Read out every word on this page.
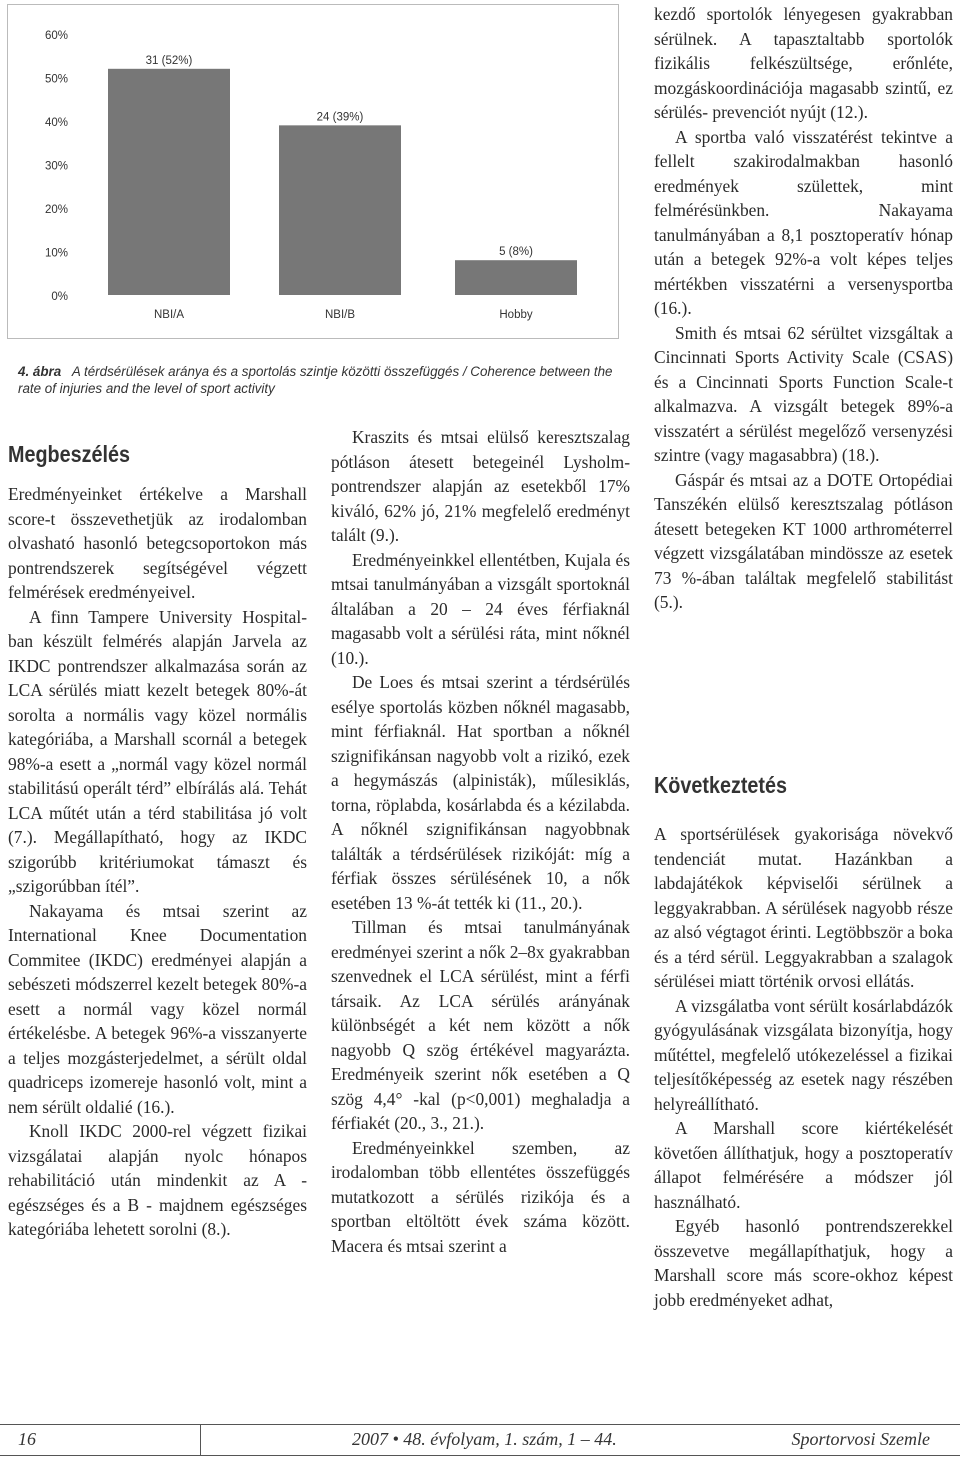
0%
10%
20%
30%
40%
50%
60%
31 (52%)
NBI/A
24 (39%)
NBI/B
5 (8%)
Hobby
4. ábra A térdsérülések aránya és a sportolás szintje közötti összefüggés / Coherence between the rate of injuries and the level of sport activity
Megbeszélés

Eredményeinket értékelve a Marshall score-t összevethetjük az irodalomban olvasható hasonló betegcsoportokon más pontrendszerek segítségével végzett felmérések eredményeivel.

A finn Tampere University Hospital-ban készült felmérés alapján Jarvela az IKDC pontrendszer alkalmazása során az LCA sérülés miatt kezelt betegek 80%-át sorolta a normális vagy közel normális kategóriába, a Marshall scornál a betegek 98%-a esett a „normál vagy közel normál stabilitású operált térd” elbírálás alá. Tehát LCA műtét után a térd stabilitása jó volt (7.). Megállapítható, hogy az IKDC szigorúbb kritériumokat támaszt és „szigorúbban ítél”.

Nakayama és mtsai szerint az International Knee Documentation Commitee (IKDC) eredményei alapján a sebészeti módszerrel kezelt betegek 80%-a esett a normál vagy közel normál értékelésbe. A betegek 96%-a visszanyerte a teljes mozgásterjedelmet, a sérült oldal quadriceps izomereje hasonló volt, mint a nem sérült oldalié (16.).

Knoll IKDC 2000-rel végzett fizikai vizsgálatai alapján nyolc hónapos rehabilitáció után mindenkit az A - egészséges és a B - majdnem egészséges kategóriába lehetett sorolni (8.).

Kraszits és mtsai elülső keresztszalag pótláson átesett betegeinél Lysholm-pontrendszer alapján az esetekből 17% kiváló, 62% jó, 21% megfelelő eredményt talált (9.).

Eredményeinkkel ellentétben, Kujala és mtsai tanulmányában a vizsgált sportoknál általában a 20 – 24 éves férfiaknál magasabb volt a sérülési ráta, mint nőknél (10.).

De Loes és mtsai szerint a térdsérülés esélye sportolás közben nőknél magasabb, mint férfiaknál. Hat sportban a nőknél szignifikánsan nagyobb volt a rizikó, ezek a hegymászás (alpinisták), műlesiklás, torna, röplabda, kosárlabda és a kézilabda. A nőknél szignifikánsan nagyobbnak találták a térdsérülések rizikóját: míg a férfiak összes sérülésének 10, a nők esetében 13 %-át tették ki (11., 20.).

Tillman és mtsai tanulmányának eredményei szerint a nők 2–8x gyakrabban szenvednek el LCA sérülést, mint a férfi társaik. Az LCA sérülés arányának különbségét a két nem között a nők nagyobb Q szög értékével magyarázta. Eredményeik szerint nők esetében a Q szög 4,4° -kal (p<0,001) meghaladja a férfiakét (20., 3., 21.).

Eredményeinkkel szemben, az irodalomban több ellentétes összefüggés mutatkozott a sérülés rizikója és a sportban eltöltött évek száma között. Macera és mtsai szerint a

kezdő sportolók lényegesen gyakrabban sérülnek. A tapasztaltabb sportolók fizikális felkészültsége, erőnléte, mozgáskoordinációja magasabb szintű, ez sérülés- prevenciót nyújt (12.).

A sportba való visszatérést tekintve a fellelt szakirodalmakban hasonló eredmények születtek, mint felmérésünkben. Nakayama tanulmányában a 8,1 posztoperatív hónap után a betegek 92%-a volt képes teljes mértékben visszatérni a versenysportba (16.).

Smith és mtsai 62 sérültet vizsgáltak a Cincinnati Sports Activity Scale (CSAS) és a Cincinnati Sports Function Scale-t alkalmazva. A vizsgált betegek 89%-a visszatért a sérülést megelőző versenyzési szintre (vagy magasabbra) (18.).

Gáspár és mtsai az a DOTE Ortopédiai Tanszékén elülső keresztszalag pótláson átesett betegeken KT 1000 arthrométerrel végzett vizsgálatában mindössze az esetek 73 %-ában találtak megfelelő stabilitást (5.).

Következtetés

A sportsérülések gyakorisága növekvő tendenciát mutat. Hazánkban a labdajátékok képviselői sérülnek a leggyakrabban. A sérülések nagyobb része az alsó végtagot érinti. Legtöbbször a boka és a térd sérül. Leggyakrabban a szalagok sérülései miatt történik orvosi ellátás.

A vizsgálatba vont sérült kosárlabdázók gyógyulásának vizsgálata bizonyítja, hogy műtéttel, megfelelő utókezeléssel a fizikai teljesítőképesség az esetek nagy részében helyreállítható.

A Marshall score kiértékelését követően állíthatjuk, hogy a posztoperatív állapot felmérésére a módszer jól használható.

Egyéb hasonló pontrendszerekkel összevetve megállapíthatjuk, hogy a Marshall score más score-okhoz képest jobb eredményeket adhat,

16	2007 • 48. évfolyam, 1. szám, 1 – 44.	Sportorvosi Szemle
